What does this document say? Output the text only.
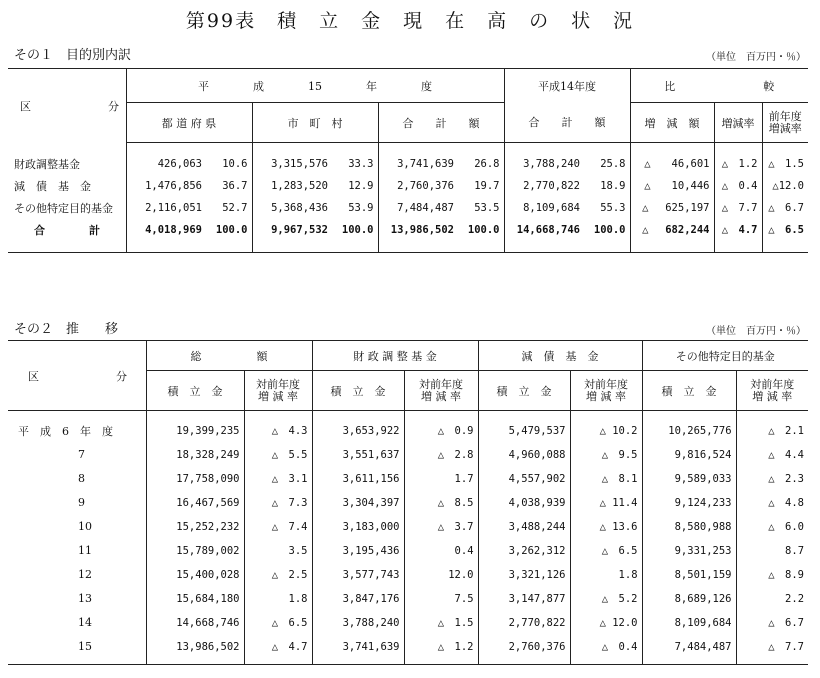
第99表　積　立　金　現　在　高　の　状　況
その１　目的別内訳	（単位　百万円・％）
区　　　　　　　分	平　　　　成　　　　15　　　　年　　　　度						平成14年度		比　　　　　　　　較		
	都 道 府 県		市　町　村		合　　計　　額		合　　計　　額		増　減　額	増減率	前年度
増減率

財政調整基金	426,063	10.6	3,315,576	33.3	3,741,639	26.8	3,788,240	25.8	△　　46,601	△　1.2	△　1.5
減　債　基　金	1,476,856	36.7	1,283,520	12.9	2,760,376	19.7	2,770,822	18.9	△　　10,446	△　0.4	△12.0
その他特定目的基金	2,116,051	52.7	5,368,436	53.9	7,484,487	53.5	8,109,684	55.3	△　 625,197	△　7.7	△　6.7
合　　　　計	4,018,969	100.0	9,967,532	100.0	13,986,502	100.0	14,668,746	100.0	△　 682,244	△　4.7	△　6.5

その２　推　　移	（単位　百万円・％）
区　　　　　　　分	総　　　　　額		財 政 調 整 基 金		減　債　基　金		その他特定目的基金	
	積　立　金	対前年度
増 減 率	積　立　金	対前年度
増 減 率	積　立　金	対前年度
増 減 率	積　立　金	対前年度
増 減 率

平　成　6　年　度	19,399,235	△　4.3	3,653,922	△　0.9	5,479,537	△ 10.2	10,265,776	△　2.1
7	18,328,249	△　5.5	3,551,637	△　2.8	4,960,088	△　9.5	9,816,524	△　4.4
8	17,758,090	△　3.1	3,611,156	1.7	4,557,902	△　8.1	9,589,033	△　2.3
9	16,467,569	△　7.3	3,304,397	△　8.5	4,038,939	△ 11.4	9,124,233	△　4.8
10	15,252,232	△　7.4	3,183,000	△　3.7	3,488,244	△ 13.6	8,580,988	△　6.0
11	15,789,002	3.5	3,195,436	0.4	3,262,312	△　6.5	9,331,253	8.7
12	15,400,028	△　2.5	3,577,743	12.0	3,321,126	1.8	8,501,159	△　8.9
13	15,684,180	1.8	3,847,176	7.5	3,147,877	△　5.2	8,689,126	2.2
14	14,668,746	△　6.5	3,788,240	△　1.5	2,770,822	△ 12.0	8,109,684	△　6.7
15	13,986,502	△　4.7	3,741,639	△　1.2	2,760,376	△　0.4	7,484,487	△　7.7
